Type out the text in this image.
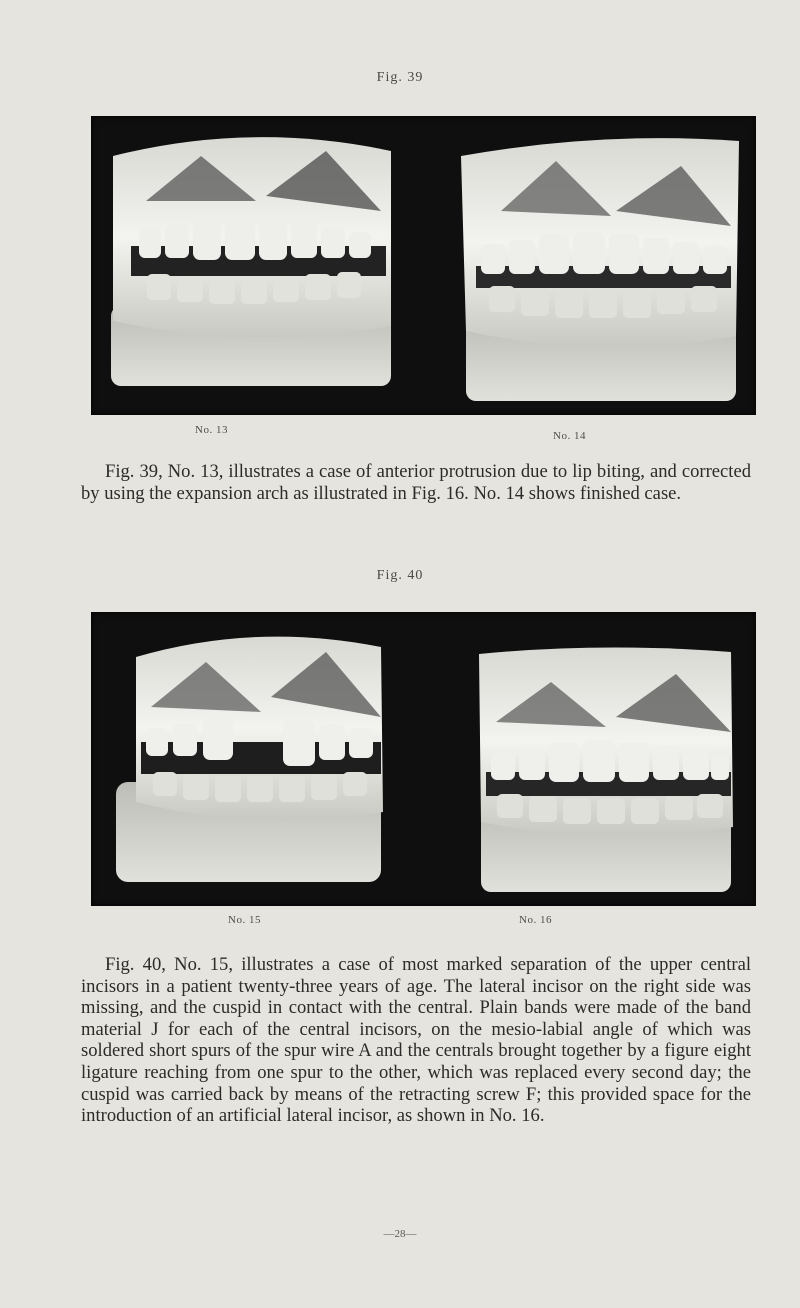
Fig. 39
No. 13	No. 14
Fig. 39, No. 13, illustrates a case of anterior protrusion due to lip biting, and corrected by using the expansion arch as illustrated in Fig. 16. No. 14 shows finished case.
Fig. 40
No. 15	No. 16
Fig. 40, No. 15, illustrates a case of most marked separation of the upper central incisors in a patient twenty-three years of age. The lateral incisor on the right side was missing, and the cuspid in contact with the central. Plain bands were made of the band material J for each of the central incisors, on the mesio-labial angle of which was soldered short spurs of the spur wire A and the centrals brought together by a figure eight ligature reaching from one spur to the other, which was replaced every second day; the cuspid was carried back by means of the retracting screw F; this provided space for the introduction of an artificial lateral incisor, as shown in No. 16.
—28—
